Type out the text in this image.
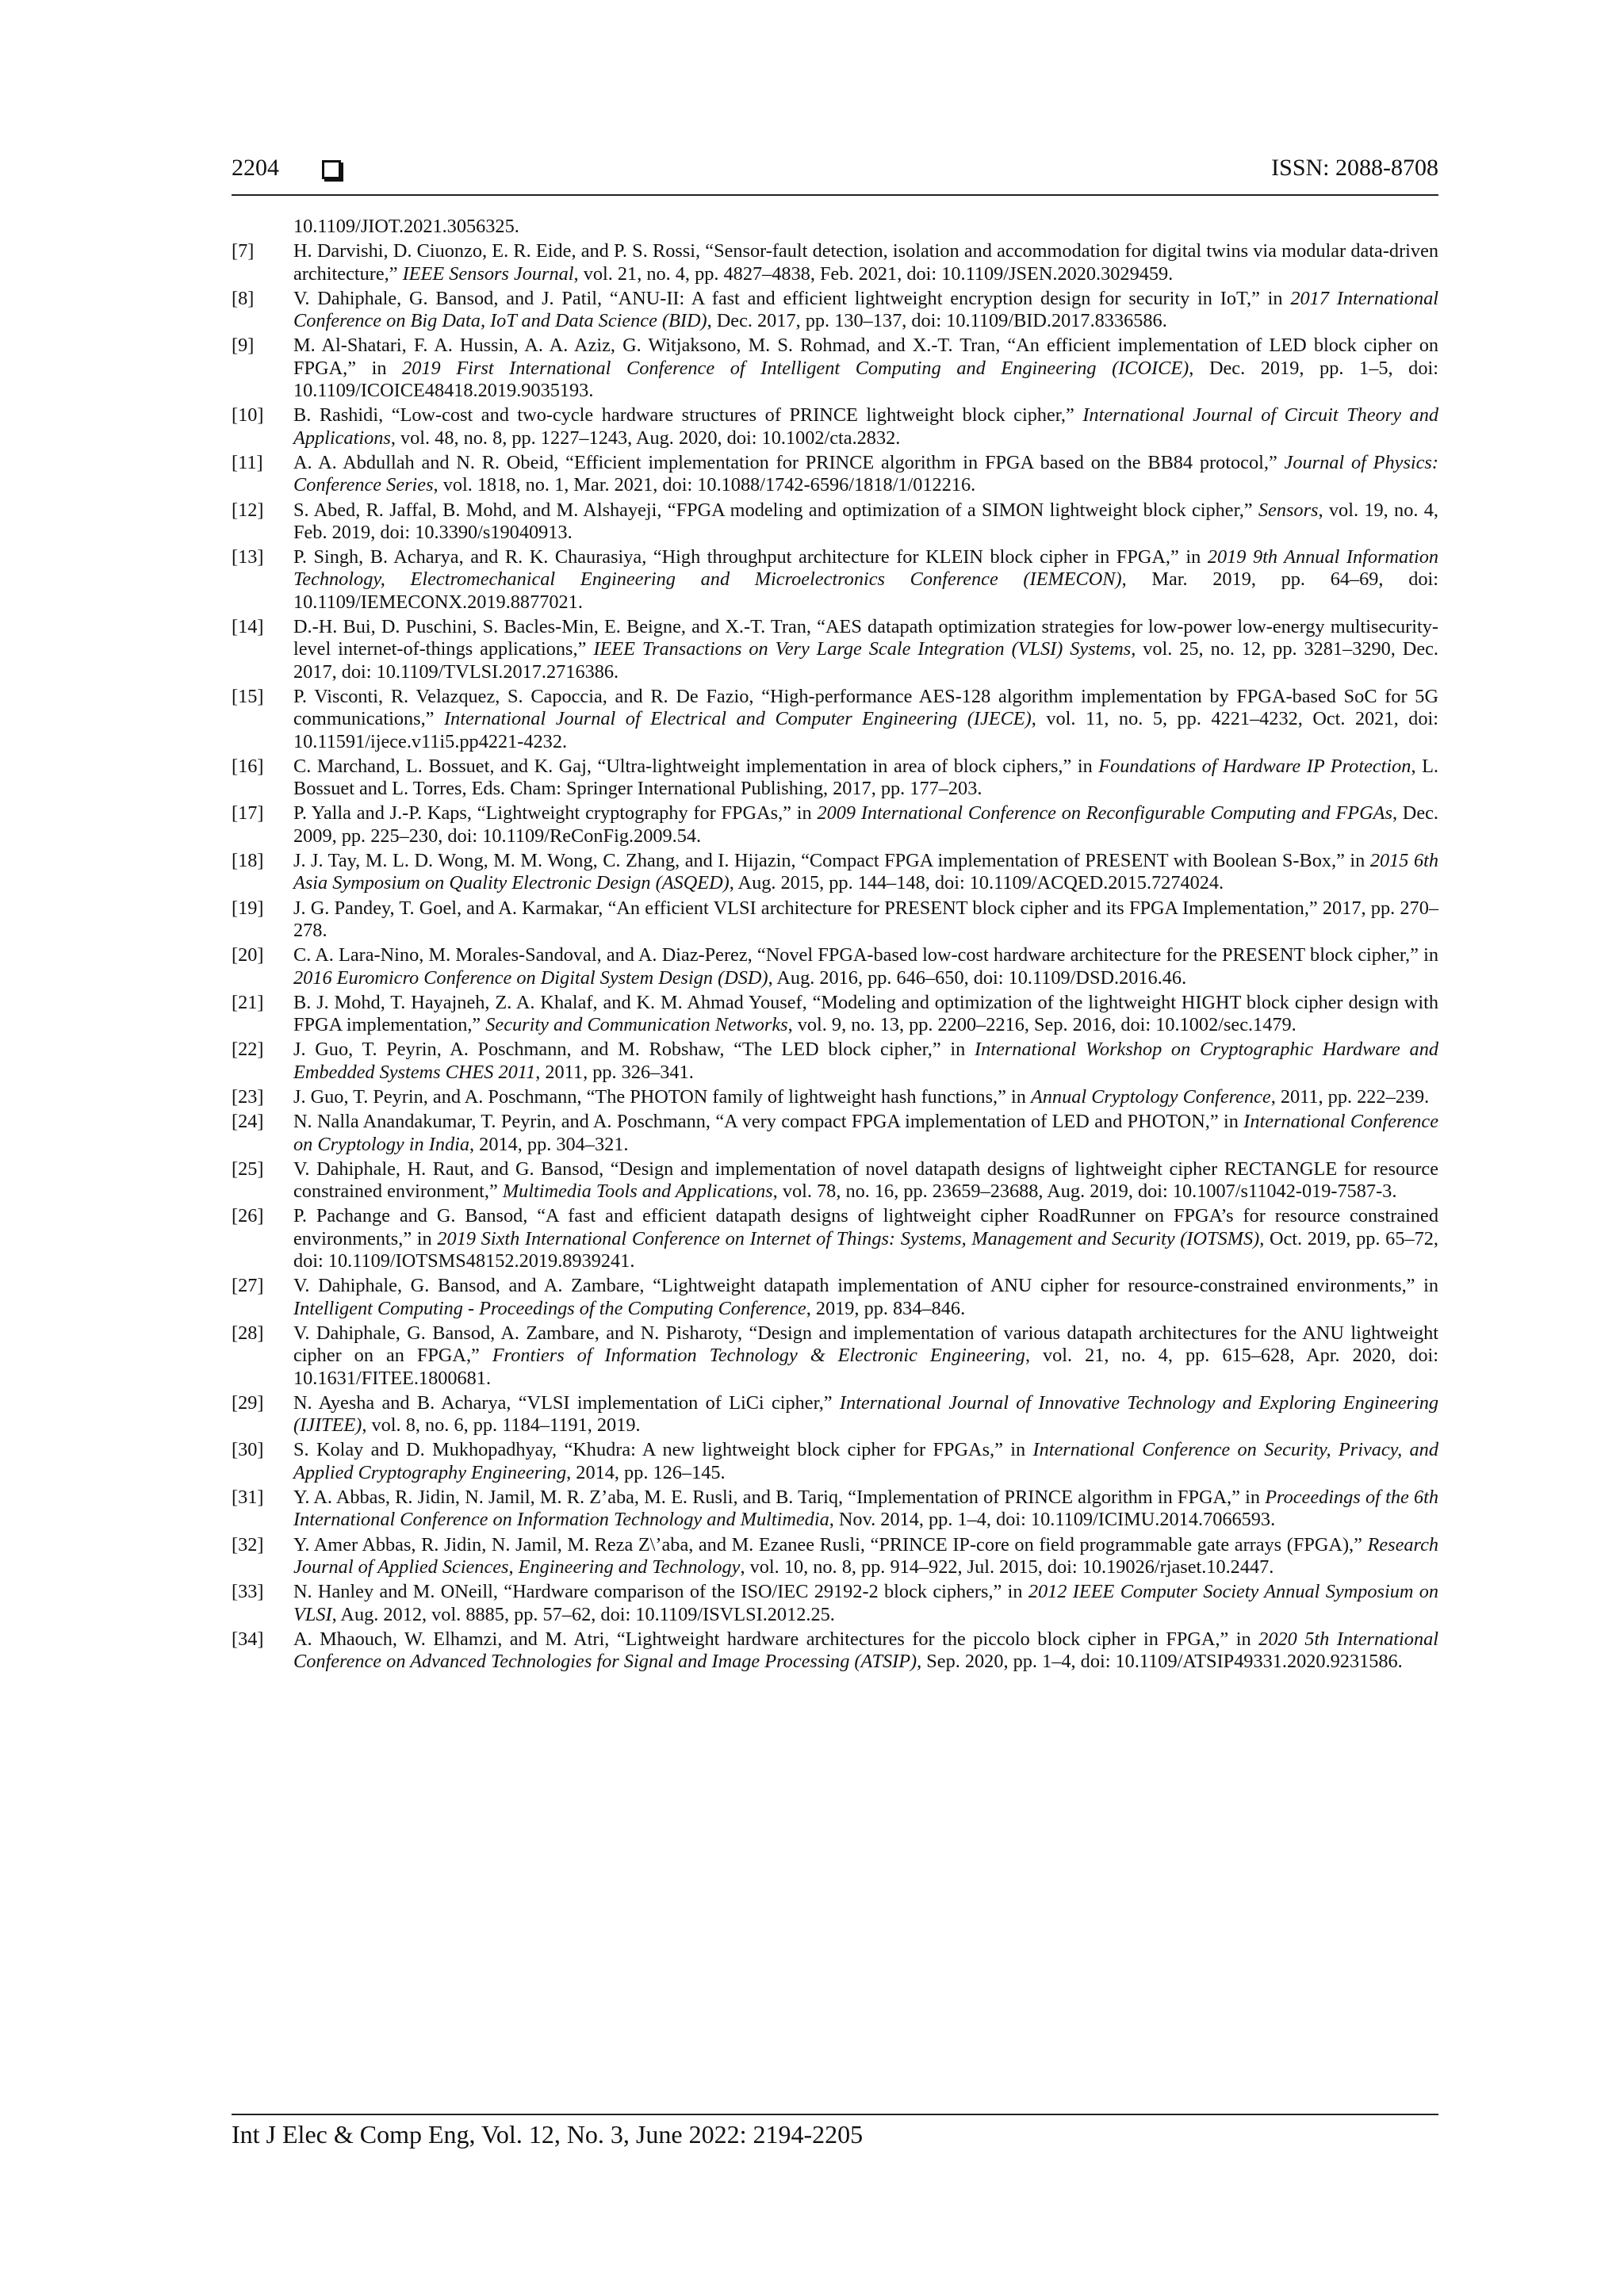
2204	ISSN: 2088-8708
10.1109/JIOT.2021.3056325.
[7] H. Darvishi, D. Ciuonzo, E. R. Eide, and P. S. Rossi, “Sensor-fault detection, isolation and accommodation for digital twins via modular data-driven architecture,” IEEE Sensors Journal, vol. 21, no. 4, pp. 4827–4838, Feb. 2021, doi: 10.1109/JSEN.2020.3029459.
[8] V. Dahiphale, G. Bansod, and J. Patil, “ANU-II: A fast and efficient lightweight encryption design for security in IoT,” in 2017 International Conference on Big Data, IoT and Data Science (BID), Dec. 2017, pp. 130–137, doi: 10.1109/BID.2017.8336586.
[9] M. Al-Shatari, F. A. Hussin, A. A. Aziz, G. Witjaksono, M. S. Rohmad, and X.-T. Tran, “An efficient implementation of LED block cipher on FPGA,” in 2019 First International Conference of Intelligent Computing and Engineering (ICOICE), Dec. 2019, pp. 1–5, doi: 10.1109/ICOICE48418.2019.9035193.
[10] B. Rashidi, “Low-cost and two-cycle hardware structures of PRINCE lightweight block cipher,” International Journal of Circuit Theory and Applications, vol. 48, no. 8, pp. 1227–1243, Aug. 2020, doi: 10.1002/cta.2832.
[11] A. A. Abdullah and N. R. Obeid, “Efficient implementation for PRINCE algorithm in FPGA based on the BB84 protocol,” Journal of Physics: Conference Series, vol. 1818, no. 1, Mar. 2021, doi: 10.1088/1742-6596/1818/1/012216.
[12] S. Abed, R. Jaffal, B. Mohd, and M. Alshayeji, “FPGA modeling and optimization of a SIMON lightweight block cipher,” Sensors, vol. 19, no. 4, Feb. 2019, doi: 10.3390/s19040913.
[13] P. Singh, B. Acharya, and R. K. Chaurasiya, “High throughput architecture for KLEIN block cipher in FPGA,” in 2019 9th Annual Information Technology, Electromechanical Engineering and Microelectronics Conference (IEMECON), Mar. 2019, pp. 64–69, doi: 10.1109/IEMECONX.2019.8877021.
[14] D.-H. Bui, D. Puschini, S. Bacles-Min, E. Beigne, and X.-T. Tran, “AES datapath optimization strategies for low-power low-energy multisecurity-level internet-of-things applications,” IEEE Transactions on Very Large Scale Integration (VLSI) Systems, vol. 25, no. 12, pp. 3281–3290, Dec. 2017, doi: 10.1109/TVLSI.2017.2716386.
[15] P. Visconti, R. Velazquez, S. Capoccia, and R. De Fazio, “High-performance AES-128 algorithm implementation by FPGA-based SoC for 5G communications,” International Journal of Electrical and Computer Engineering (IJECE), vol. 11, no. 5, pp. 4221–4232, Oct. 2021, doi: 10.11591/ijece.v11i5.pp4221-4232.
[16] C. Marchand, L. Bossuet, and K. Gaj, “Ultra-lightweight implementation in area of block ciphers,” in Foundations of Hardware IP Protection, L. Bossuet and L. Torres, Eds. Cham: Springer International Publishing, 2017, pp. 177–203.
[17] P. Yalla and J.-P. Kaps, “Lightweight cryptography for FPGAs,” in 2009 International Conference on Reconfigurable Computing and FPGAs, Dec. 2009, pp. 225–230, doi: 10.1109/ReConFig.2009.54.
[18] J. J. Tay, M. L. D. Wong, M. M. Wong, C. Zhang, and I. Hijazin, “Compact FPGA implementation of PRESENT with Boolean S-Box,” in 2015 6th Asia Symposium on Quality Electronic Design (ASQED), Aug. 2015, pp. 144–148, doi: 10.1109/ACQED.2015.7274024.
[19] J. G. Pandey, T. Goel, and A. Karmakar, “An efficient VLSI architecture for PRESENT block cipher and its FPGA Implementation,” 2017, pp. 270–278.
[20] C. A. Lara-Nino, M. Morales-Sandoval, and A. Diaz-Perez, “Novel FPGA-based low-cost hardware architecture for the PRESENT block cipher,” in 2016 Euromicro Conference on Digital System Design (DSD), Aug. 2016, pp. 646–650, doi: 10.1109/DSD.2016.46.
[21] B. J. Mohd, T. Hayajneh, Z. A. Khalaf, and K. M. Ahmad Yousef, “Modeling and optimization of the lightweight HIGHT block cipher design with FPGA implementation,” Security and Communication Networks, vol. 9, no. 13, pp. 2200–2216, Sep. 2016, doi: 10.1002/sec.1479.
[22] J. Guo, T. Peyrin, A. Poschmann, and M. Robshaw, “The LED block cipher,” in International Workshop on Cryptographic Hardware and Embedded Systems CHES 2011, 2011, pp. 326–341.
[23] J. Guo, T. Peyrin, and A. Poschmann, “The PHOTON family of lightweight hash functions,” in Annual Cryptology Conference, 2011, pp. 222–239.
[24] N. Nalla Anandakumar, T. Peyrin, and A. Poschmann, “A very compact FPGA implementation of LED and PHOTON,” in International Conference on Cryptology in India, 2014, pp. 304–321.
[25] V. Dahiphale, H. Raut, and G. Bansod, “Design and implementation of novel datapath designs of lightweight cipher RECTANGLE for resource constrained environment,” Multimedia Tools and Applications, vol. 78, no. 16, pp. 23659–23688, Aug. 2019, doi: 10.1007/s11042-019-7587-3.
[26] P. Pachange and G. Bansod, “A fast and efficient datapath designs of lightweight cipher RoadRunner on FPGA’s for resource constrained environments,” in 2019 Sixth International Conference on Internet of Things: Systems, Management and Security (IOTSMS), Oct. 2019, pp. 65–72, doi: 10.1109/IOTSMS48152.2019.8939241.
[27] V. Dahiphale, G. Bansod, and A. Zambare, “Lightweight datapath implementation of ANU cipher for resource-constrained environments,” in Intelligent Computing - Proceedings of the Computing Conference, 2019, pp. 834–846.
[28] V. Dahiphale, G. Bansod, A. Zambare, and N. Pisharoty, “Design and implementation of various datapath architectures for the ANU lightweight cipher on an FPGA,” Frontiers of Information Technology & Electronic Engineering, vol. 21, no. 4, pp. 615–628, Apr. 2020, doi: 10.1631/FITEE.1800681.
[29] N. Ayesha and B. Acharya, “VLSI implementation of LiCi cipher,” International Journal of Innovative Technology and Exploring Engineering (IJITEE), vol. 8, no. 6, pp. 1184–1191, 2019.
[30] S. Kolay and D. Mukhopadhyay, “Khudra: A new lightweight block cipher for FPGAs,” in International Conference on Security, Privacy, and Applied Cryptography Engineering, 2014, pp. 126–145.
[31] Y. A. Abbas, R. Jidin, N. Jamil, M. R. Z’aba, M. E. Rusli, and B. Tariq, “Implementation of PRINCE algorithm in FPGA,” in Proceedings of the 6th International Conference on Information Technology and Multimedia, Nov. 2014, pp. 1–4, doi: 10.1109/ICIMU.2014.7066593.
[32] Y. Amer Abbas, R. Jidin, N. Jamil, M. Reza Z\’aba, and M. Ezanee Rusli, “PRINCE IP-core on field programmable gate arrays (FPGA),” Research Journal of Applied Sciences, Engineering and Technology, vol. 10, no. 8, pp. 914–922, Jul. 2015, doi: 10.19026/rjaset.10.2447.
[33] N. Hanley and M. ONeill, “Hardware comparison of the ISO/IEC 29192-2 block ciphers,” in 2012 IEEE Computer Society Annual Symposium on VLSI, Aug. 2012, vol. 8885, pp. 57–62, doi: 10.1109/ISVLSI.2012.25.
[34] A. Mhaouch, W. Elhamzi, and M. Atri, “Lightweight hardware architectures for the piccolo block cipher in FPGA,” in 2020 5th International Conference on Advanced Technologies for Signal and Image Processing (ATSIP), Sep. 2020, pp. 1–4, doi: 10.1109/ATSIP49331.2020.9231586.
Int J Elec & Comp Eng, Vol. 12, No. 3, June 2022: 2194-2205
